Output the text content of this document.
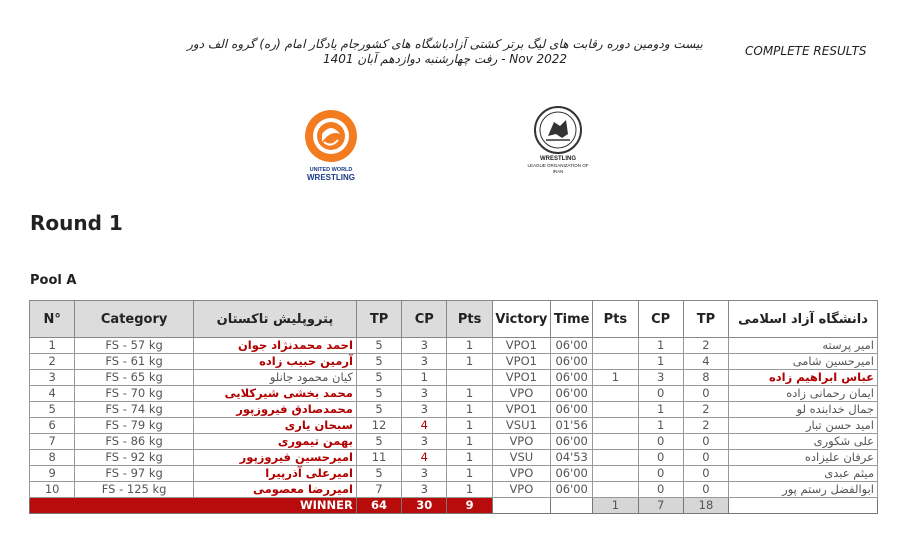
بیست ودومین دوره رقابت های لیگ برتر کشتی آزادباشگاه های کشورجام یادگار امام (ره) گروه الف دور
Nov 2022 - رفت چهارشنبه دوازدهم آبان 1401
COMPLETE RESULTS
UNITED WORLD
WRESTLING
WRESTLING
LEAGUE ORGANIZATION OF
IRAN
Round 1
Pool A
N°	Category	پترو‌پلیش تاکستان	TP	CP	Pts	Victory	Time	Pts	CP	TP	دانشگاه آزاد اسلامی
1	FS - 57 kg	احمد محمدنژاد جوان	5	3	1	VPO1	06'00		1	2	امیر پرسته
2	FS - 61 kg	آرمین حبیب زاده	5	3	1	VPO1	06'00		1	4	امیرحسین شامی
3	FS - 65 kg	کیان محمود جانلو	5	1		VPO1	06'00	1	3	8	عباس ابراهیم زاده
4	FS - 70 kg	محمد بخشی شیرکلایی	5	3	1	VPO	06'00		0	0	ایمان رحمانی زاده
5	FS - 74 kg	محمدصادق فیروزپور	5	3	1	VPO1	06'00		1	2	جمال خدابنده لو
6	FS - 79 kg	سبحان یاری	12	4	1	VSU1	01'56		1	2	امید حسن تبار
7	FS - 86 kg	بهمن تیموری	5	3	1	VPO	06'00		0	0	علی شکوری
8	FS - 92 kg	امیرحسین فیروزپور	11	4	1	VSU	04'53		0	0	عرفان علیزاده
9	FS - 97 kg	امیرعلی آذرپیرا	5	3	1	VPO	06'00		0	0	میثم عبدی
10	FS - 125 kg	امیررضا معصومی	7	3	1	VPO	06'00		0	0	ابوالفضل رستم پور
WINNER			64	30	9			1	7	18	
